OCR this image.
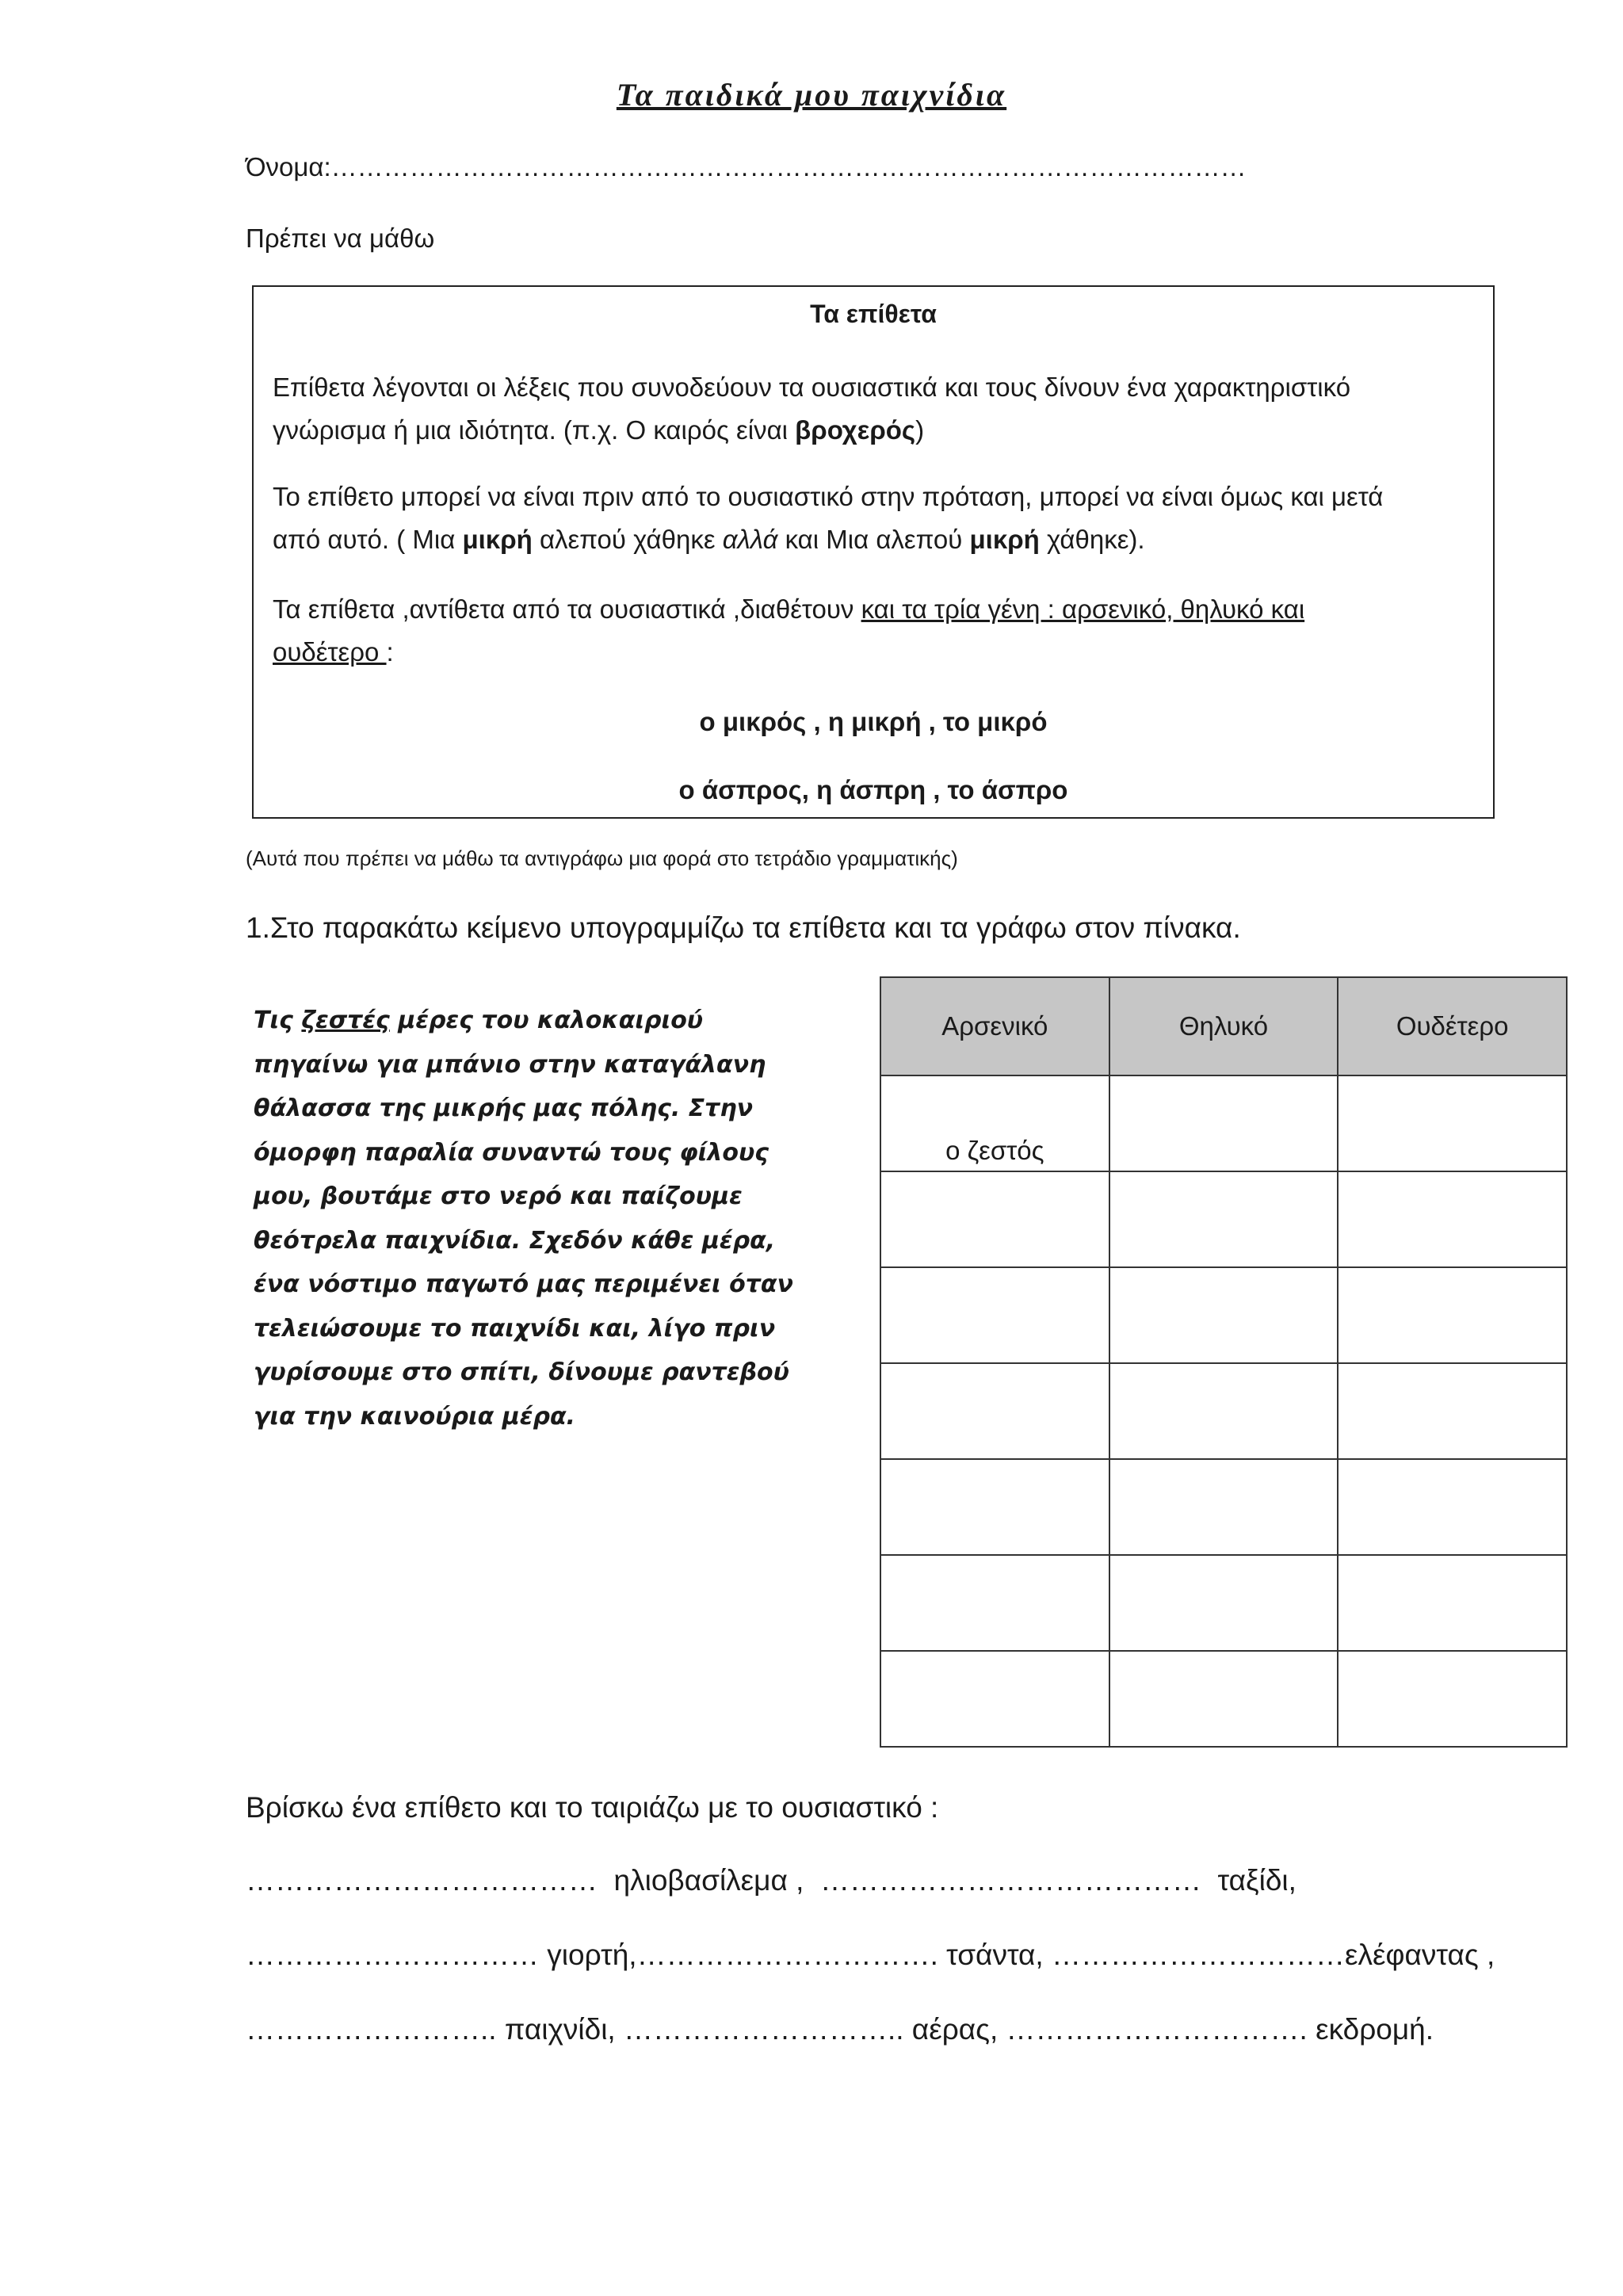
Τα παιδικά μου παιχνίδια
Όνομα:……………………………………………………………………………………………
Πρέπει να μάθω
Τα επίθετα
Επίθετα λέγονται οι λέξεις που συνοδεύουν τα ουσιαστικά και τους δίνουν ένα χαρακτηριστικό
γνώρισμα ή μια ιδιότητα. (π.χ. Ο καιρός είναι βροχερός)
Το επίθετο μπορεί να είναι πριν από το ουσιαστικό στην πρόταση, μπορεί να είναι όμως και μετά
από αυτό. ( Μια μικρή αλεπού χάθηκε αλλά και Μια αλεπού μικρή χάθηκε).
Τα επίθετα ,αντίθετα από τα ουσιαστικά ,διαθέτουν και τα τρία γένη : αρσενικό, θηλυκό και
ουδέτερο :
ο μικρός , η μικρή , το μικρό
ο άσπρος, η άσπρη , το άσπρο
(Αυτά που πρέπει να μάθω τα αντιγράφω μια φορά στο τετράδιο γραμματικής)
1.Στο παρακάτω κείμενο υπογραμμίζω τα επίθετα και τα γράφω στον πίνακα.
Τις ζεστές μέρες του καλοκαιριού
πηγαίνω για μπάνιο στην καταγάλανη
θάλασσα της μικρής μας πόλης. Στην
όμορφη παραλία συναντώ τους φίλους
μου, βουτάμε στο νερό και παίζουμε
θεότρελα παιχνίδια. Σχεδόν κάθε μέρα,
ένα νόστιμο παγωτό μας περιμένει όταν
τελειώσουμε το παιχνίδι και, λίγο πριν
γυρίσουμε στο σπίτι, δίνουμε ραντεβού
για την καινούρια μέρα.
Αρσενικό	Θηλυκό	Ουδέτερο
ο ζεστός		

Βρίσκω ένα επίθετο και το ταιριάζω με το ουσιαστικό :
………………………………  ηλιοβασίλεμα ,  …………………………………  ταξίδι,
………………………… γιορτή,…………………………. τσάντα, …………………………ελέφαντας ,
…………………….. παιχνίδι, ……………………….. αέρας, …………………………. εκδρομή.
